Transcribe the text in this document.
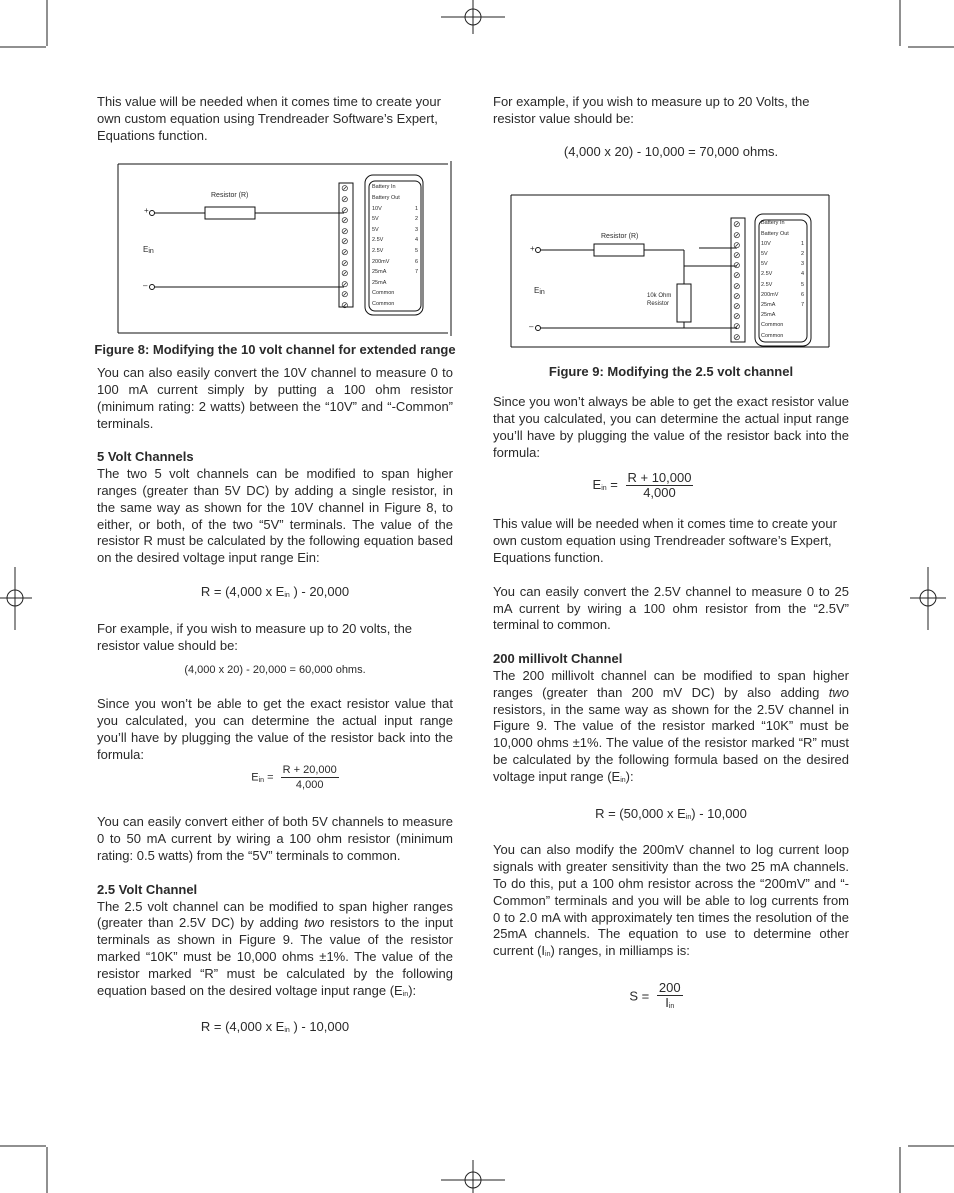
This value will be needed when it comes time to create your own custom equation using Trendreader Software’s Expert, Equations function.

Resistor (R)
+
–
Ein
⊘	Battery In
⊘	Battery Out
⊘	10V
⊘	5V
⊘	5V
⊘	2.5V
⊘	2.5V
⊘	200mV
⊘	25mA
⊘	25mA
⊘	Common
⊘	Common
1
2
3
4
5
6
7

Figure 8: Modifying the 10 volt channel for extended range

You can also easily convert the 10V channel to measure 0 to 100 mA current simply by putting a 100 ohm resistor (minimum rating: 2 watts) between the “10V” and “-Common” terminals.

5 Volt Channels

The two 5 volt channels can be modified to span higher ranges (greater than 5V DC) by adding a single resistor, in the same way as shown for the 10V channel in Figure 8, to either, or both, of the two “5V” terminals. The value of the resistor R must be calculated by the following equation based on the desired voltage input range Ein:

R = (4,000 x Ein ) - 20,000

For example, if you wish to measure up to 20 volts, the resistor value should be:

(4,000 x 20) - 20,000 = 60,000 ohms.

Since you won’t be able to get the exact resistor value that you calculated, you can determine the actual input range you’ll have by plugging the value of the resistor back into the formula:

Ein = $\frac{R + 20,000}{4,000}$

You can easily convert either of both 5V channels to measure 0 to 50 mA current by wiring a 100 ohm resistor (minimum rating: 0.5 watts) from the “5V” terminals to common.

2.5 Volt Channel

The 2.5 volt channel can be modified to span higher ranges (greater than 2.5V DC) by adding two resistors to the input terminals as shown in Figure 9. The value of the resistor marked “10K” must be 10,000 ohms ±1%. The value of the resistor marked “R” must be calculated by the following equation based on the desired voltage input range (Ein):

R = (4,000 x Ein ) - 10,000

For example, if you wish to measure up to 20 Volts, the resistor value should be:

(4,000 x 20) - 10,000 = 70,000 ohms.

Resistor (R)
10k Ohm
Resistor
+
–
Ein
⊘	Battery In
⊘	Battery Out
⊘	10V
⊘	5V
⊘	5V
⊘	2.5V
⊘	2.5V
⊘	200mV
⊘	25mA
⊘	25mA
⊘	Common
⊘	Common
1
2
3
4
5
6
7

Figure 9: Modifying the 2.5 volt channel

Since you won’t always be able to get the exact resistor value that you calculated, you can determine the actual input range you’ll have by plugging the value of the resistor back into the formula:

Ein = $\frac{R + 10,000}{4,000}$

This value will be needed when it comes time to create your own custom equation using Trendreader software’s Expert, Equations function.

You can easily convert the 2.5V channel to measure 0 to 25 mA current by wiring a 100 ohm resistor from the “2.5V” terminal to common.

200 millivolt Channel

The 200 millivolt channel can be modified to span higher ranges (greater than 200 mV DC) by also adding two resistors, in the same way as shown for the 2.5V channel in Figure 9. The value of the resistor marked “10K” must be 10,000 ohms ±1%. The value of the resistor marked “R” must be calculated by the following formula based on the desired voltage input range (Ein):

R = (50,000 x Ein) - 10,000

You can also modify the 200mV channel to log current loop signals with greater sensitivity than the two 25 mA channels. To do this, put a 100 ohm resistor across the “200mV” and “-Common” terminals and you will be able to log currents from 0 to 2.0 mA with approximately ten times the resolution of the 25mA channels. The equation to use to determine other current (Iin) ranges, in milliamps is:

$S = \frac{200}{\text{Iin}}$
